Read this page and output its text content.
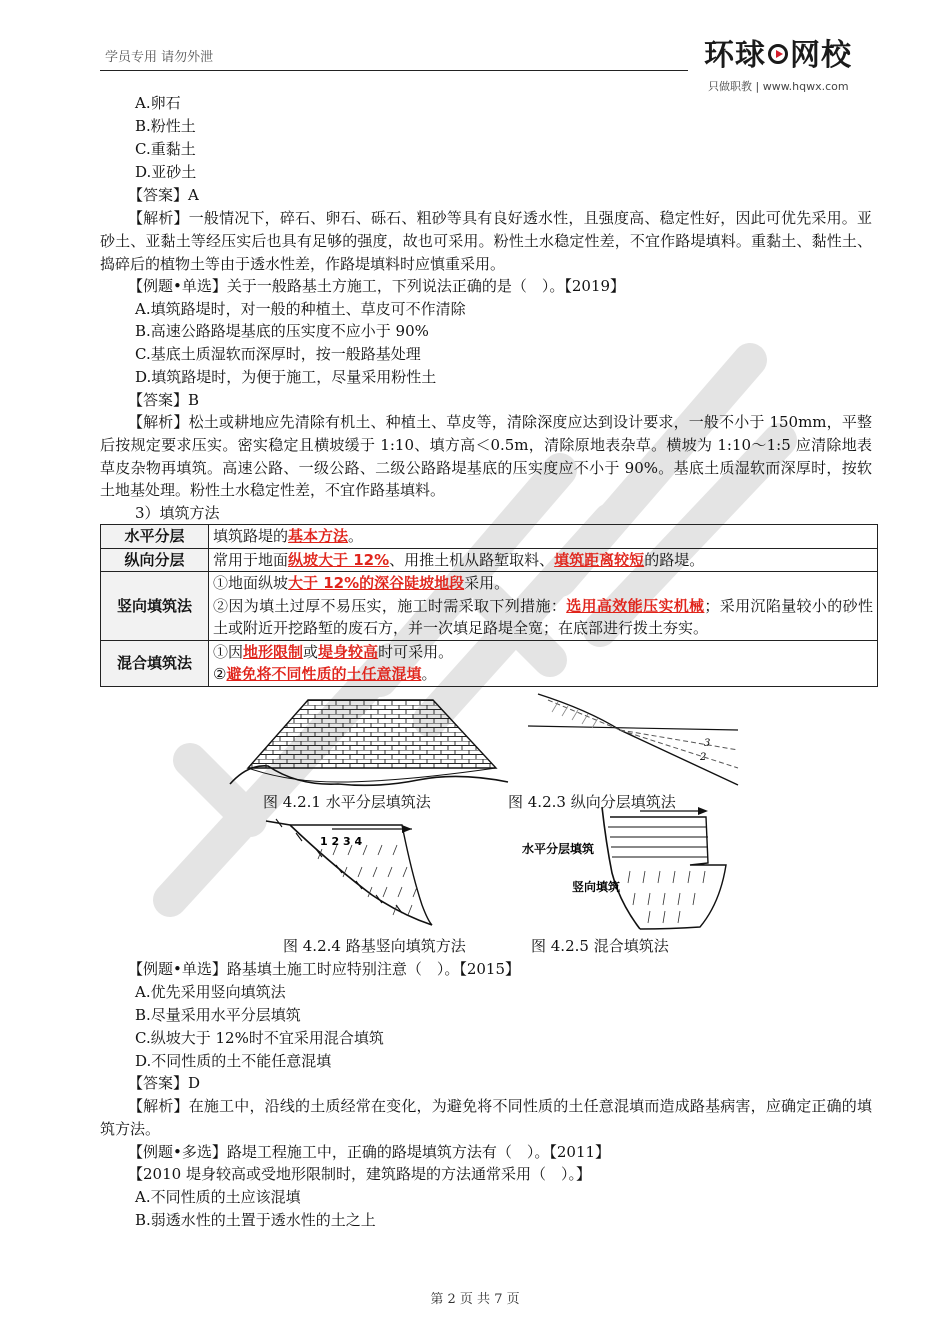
学员专用 请勿外泄	环球 网校
只做职教 | www.hqwx.com
A.卵石
B.粉性土
C.重黏土
D.亚砂土
【答案】A
【解析】一般情况下，碎石、卵石、砾石、粗砂等具有良好透水性，且强度高、稳定性好，因此可优先采用。亚砂土、亚黏土等经压实后也具有足够的强度，故也可采用。粉性土水稳定性差，不宜作路堤填料。重黏土、黏性土、捣碎后的植物土等由于透水性差，作路堤填料时应慎重采用。
【例题•单选】关于一般路基土方施工，下列说法正确的是（　）。【2019】
A.填筑路堤时，对一般的种植土、草皮可不作清除
B.高速公路路堤基底的压实度不应小于 90%
C.基底土质湿软而深厚时，按一般路基处理
D.填筑路堤时，为便于施工，尽量采用粉性土
【答案】B
【解析】松土或耕地应先清除有机土、种植土、草皮等，清除深度应达到设计要求，一般不小于 150mm，平整后按规定要求压实。密实稳定且横坡缓于 1:10、填方高＜0.5m，清除原地表杂草。横坡为 1:10～1:5 应清除地表草皮杂物再填筑。高速公路、一级公路、二级公路路堤基底的压实度应不小于 90%。基底土质湿软而深厚时，按软土地基处理。粉性土水稳定性差，不宜作路基填料。
3）填筑方法
水平分层	填筑路堤的基本方法。
纵向分层	常用于地面纵坡大于 12%、用推土机从路堑取料、填筑距离较短的路堤。
竖向填筑法	①地面纵坡大于 12%的深谷陡坡地段采用。
②因为填土过厚不易压实，施工时需采取下列措施：选用高效能压实机械；采用沉陷量较小的砂性土或附近开挖路堑的废石方，并一次填足路堤全宽；在底部进行拨土夯实。

混合填筑法	①因地形限制或堤身较高时可采用。
②避免将不同性质的土任意混填。
3
2
图 4.2.1 水平分层填筑法	图 4.2.3 纵向分层填筑法
1 2 3 4
水平分层填筑
竖向填筑
图 4.2.4 路基竖向填筑方法	图 4.2.5 混合填筑法
【例题•单选】路基填土施工时应特别注意（　）。【2015】
A.优先采用竖向填筑法
B.尽量采用水平分层填筑
C.纵坡大于 12%时不宜采用混合填筑
D.不同性质的土不能任意混填
【答案】D
【解析】在施工中，沿线的土质经常在变化，为避免将不同性质的土任意混填而造成路基病害，应确定正确的填筑方法。
【例题•多选】路堤工程施工中，正确的路堤填筑方法有（　）。【2011】
【2010 堤身较高或受地形限制时，建筑路堤的方法通常采用（　）。】
A.不同性质的土应该混填
B.弱透水性的土置于透水性的土之上
第 2 页 共 7 页
